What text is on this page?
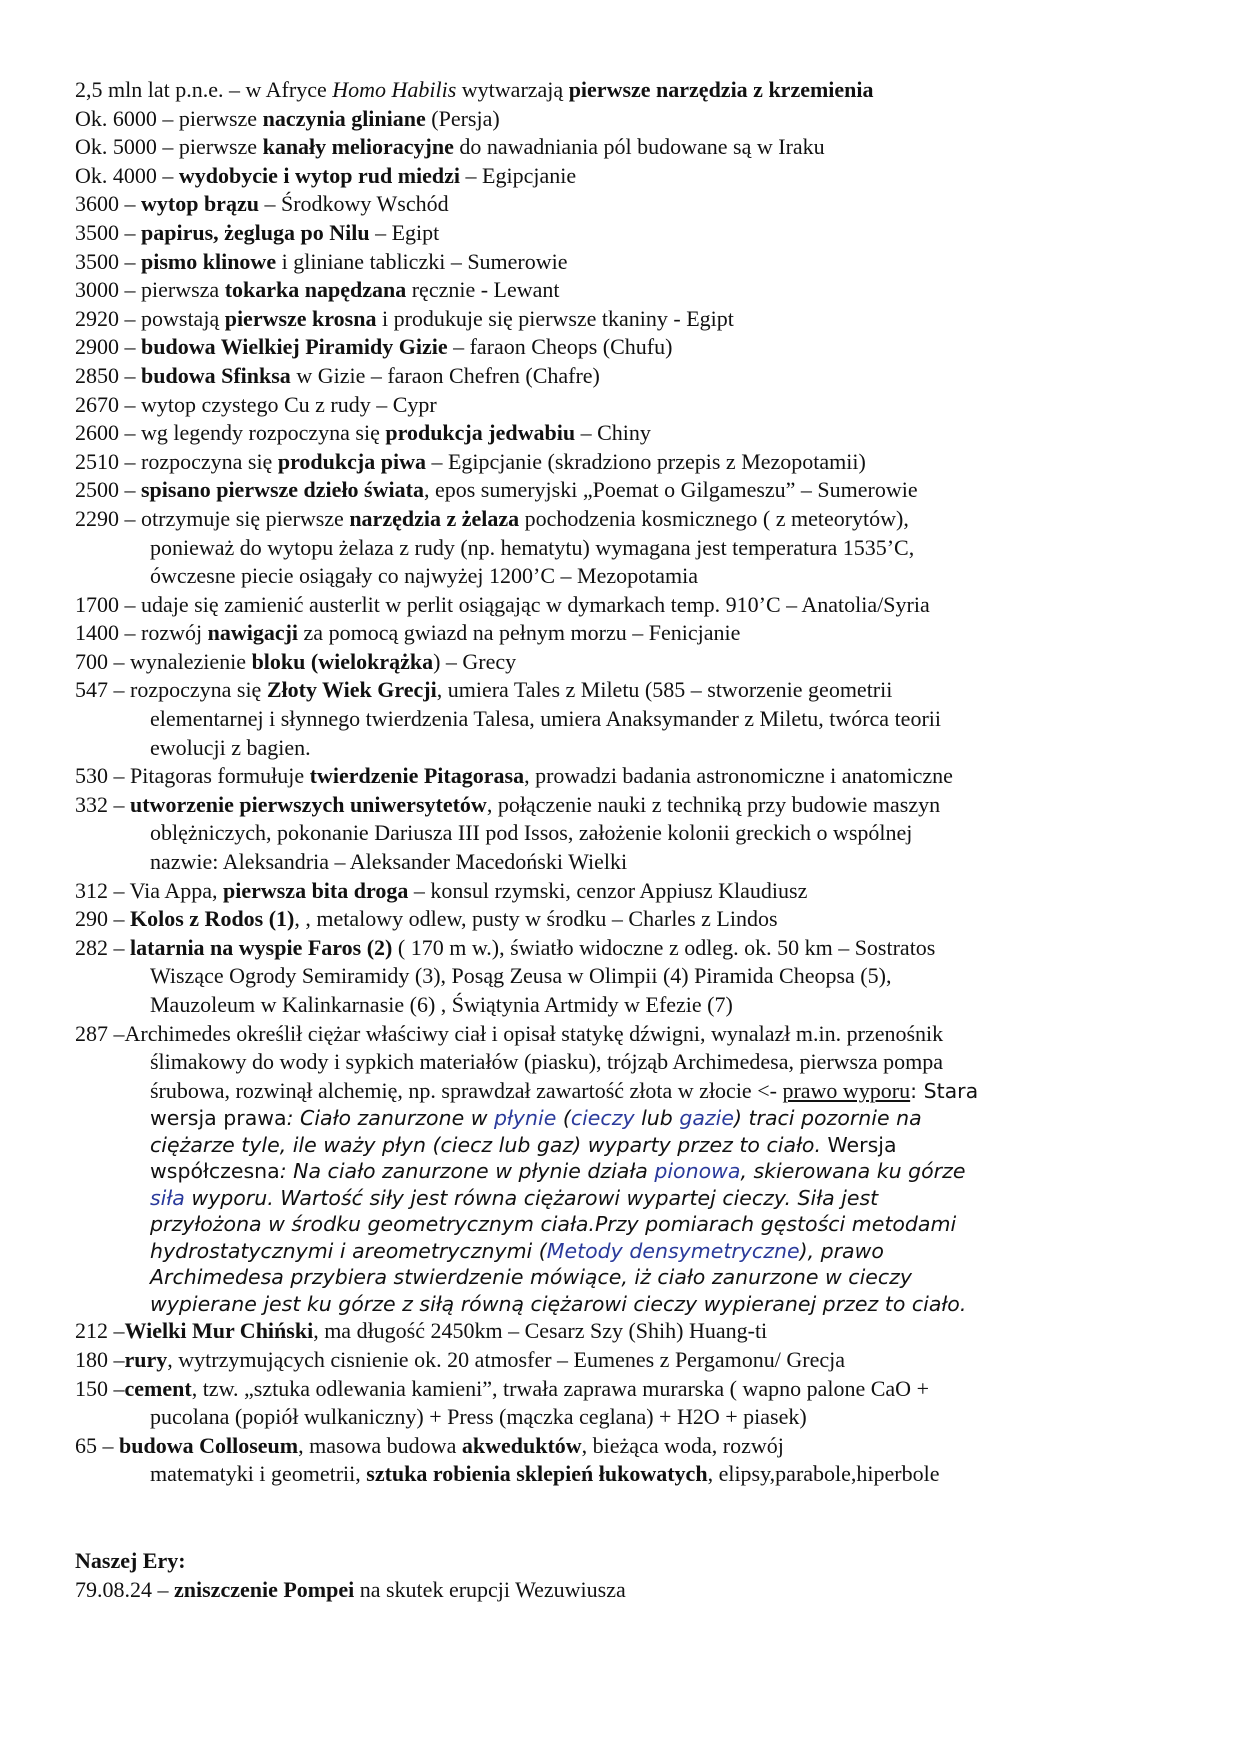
2,5 mln lat p.n.e. – w Afryce Homo Habilis wytwarzają pierwsze narzędzia z krzemienia
Ok. 6000 – pierwsze naczynia gliniane (Persja)
Ok. 5000 – pierwsze kanały melioracyjne do nawadniania pól budowane są w Iraku
Ok. 4000 – wydobycie i wytop rud miedzi – Egipcjanie
3600 – wytop brązu – Środkowy Wschód
3500 – papirus, żegluga po Nilu – Egipt
3500 – pismo klinowe i gliniane tabliczki – Sumerowie
3000 – pierwsza tokarka napędzana ręcznie - Lewant
2920 – powstają pierwsze krosna i produkuje się pierwsze tkaniny - Egipt
2900 – budowa Wielkiej Piramidy Gizie – faraon Cheops (Chufu)
2850 – budowa Sfinksa w Gizie – faraon Chefren (Chafre)
2670 – wytop czystego Cu z rudy – Cypr
2600 – wg legendy rozpoczyna się produkcja jedwabiu – Chiny
2510 – rozpoczyna się produkcja piwa – Egipcjanie (skradziono przepis z Mezopotamii)
2500 – spisano pierwsze dzieło świata, epos sumeryjski „Poemat o Gilgameszu” – Sumerowie
2290 – otrzymuje się pierwsze narzędzia z żelaza pochodzenia kosmicznego ( z meteorytów),
ponieważ do wytopu żelaza z rudy (np. hematytu) wymagana jest temperatura 1535’C,
ówczesne piecie osiągały co najwyżej 1200’C – Mezopotamia
1700 – udaje się zamienić austerlit w perlit osiągając w dymarkach temp. 910’C – Anatolia/Syria
1400 – rozwój nawigacji za pomocą gwiazd na pełnym morzu – Fenicjanie
700 – wynalezienie bloku (wielokrążka) – Grecy
547 – rozpoczyna się Złoty Wiek Grecji, umiera Tales z Miletu (585 – stworzenie geometrii
elementarnej i słynnego twierdzenia Talesa, umiera Anaksymander z Miletu, twórca teorii
ewolucji z bagien.
530 – Pitagoras formułuje twierdzenie Pitagorasa, prowadzi badania astronomiczne i anatomiczne
332 – utworzenie pierwszych uniwersytetów, połączenie nauki z techniką przy budowie maszyn
oblężniczych, pokonanie Dariusza III pod Issos, założenie kolonii greckich o wspólnej
nazwie: Aleksandria – Aleksander Macedoński Wielki
312 – Via Appa, pierwsza bita droga – konsul rzymski, cenzor Appiusz Klaudiusz
290 – Kolos z Rodos (1), , metalowy odlew, pusty w środku – Charles z Lindos
282 – latarnia na wyspie Faros (2) ( 170 m w.), światło widoczne z odleg. ok. 50 km – Sostratos
Wiszące Ogrody Semiramidy (3), Posąg Zeusa w Olimpii (4) Piramida Cheopsa (5),
Mauzoleum w Kalinkarnasie (6) , Świątynia Artmidy w Efezie (7)
287 –Archimedes określił ciężar właściwy ciał i opisał statykę dźwigni, wynalazł m.in. przenośnik
ślimakowy do wody i sypkich materiałów (piasku), trójząb Archimedesa, pierwsza pompa
śrubowa, rozwinął alchemię, np. sprawdzał zawartość złota w złocie <- prawo wyporu: Stara
wersja prawa: Ciało zanurzone w płynie (cieczy lub gazie) traci pozornie na
ciężarze tyle, ile waży płyn (ciecz lub gaz) wyparty przez to ciało. Wersja
współczesna: Na ciało zanurzone w płynie działa pionowa, skierowana ku górze
siła wyporu. Wartość siły jest równa ciężarowi wypartej cieczy. Siła jest
przyłożona w środku geometrycznym ciała.Przy pomiarach gęstości metodami
hydrostatycznymi i areometrycznymi (Metody densymetryczne), prawo
Archimedesa przybiera stwierdzenie mówiące, iż ciało zanurzone w cieczy
wypierane jest ku górze z siłą równą ciężarowi cieczy wypieranej przez to ciało.
212 –Wielki Mur Chiński, ma długość 2450km – Cesarz Szy (Shih) Huang-ti
180 –rury, wytrzymujących cisnienie ok. 20 atmosfer – Eumenes z Pergamonu/ Grecja
150 –cement, tzw. „sztuka odlewania kamieni”, trwała zaprawa murarska ( wapno palone CaO +
pucolana (popiół wulkaniczny) + Press (mączka ceglana) + H2O + piasek)
65 – budowa Colloseum, masowa budowa akweduktów, bieżąca woda, rozwój
matematyki i geometrii, sztuka robienia sklepień łukowatych, elipsy,parabole,hiperbole
Naszej Ery:
79.08.24 – zniszczenie Pompei na skutek erupcji Wezuwiusza
